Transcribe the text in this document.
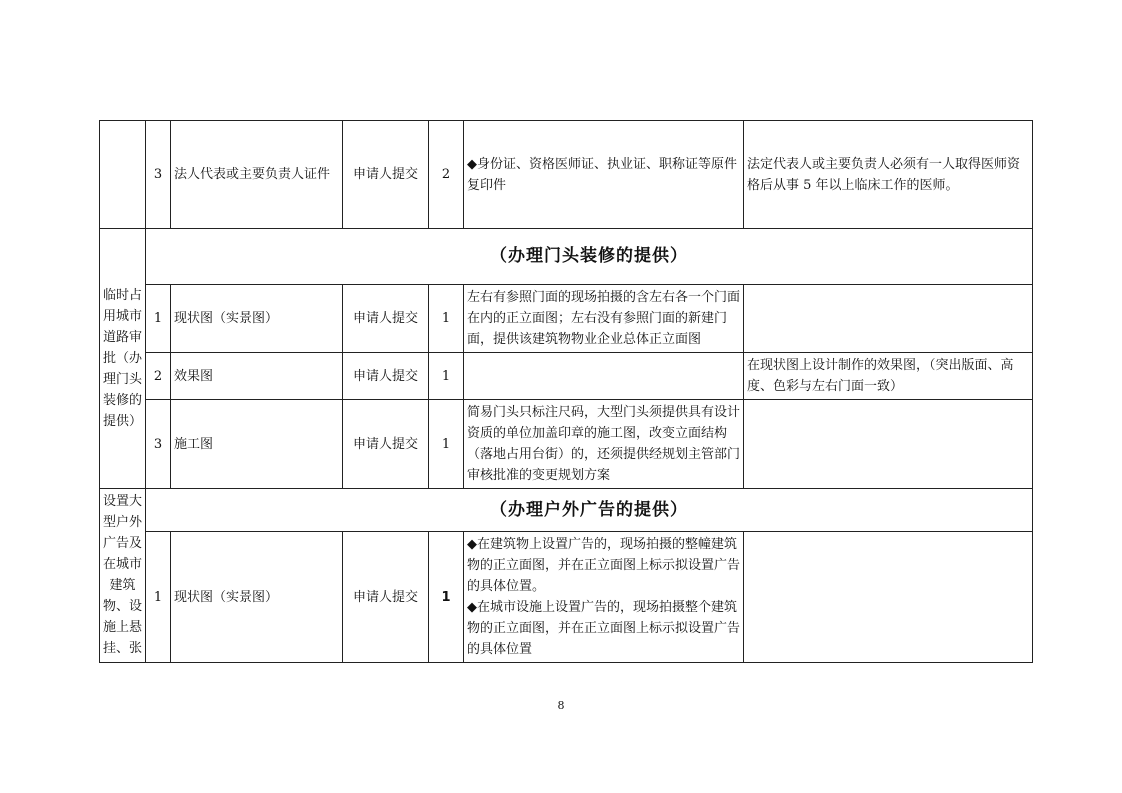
	3	法人代表或主要负责人证件	申请人提交	2	◆身份证、资格医师证、执业证、职称证等原件复印件	法定代表人或主要负责人必须有一人取得医师资格后从事 5 年以上临床工作的医师。
临时占用城市道路审批（办理门头装修的提供）	（办理门头装修的提供）					
	1	现状图（实景图）	申请人提交	1	左右有参照门面的现场拍摄的含左右各一个门面在内的正立面图；左右没有参照门面的新建门面，提供该建筑物物业企业总体正立面图	
	2	效果图	申请人提交	1		在现状图上设计制作的效果图，（突出版面、高度、色彩与左右门面一致）
	3	施工图	申请人提交	1	简易门头只标注尺码，大型门头须提供具有设计资质的单位加盖印章的施工图，改变立面结构（落地占用台街）的，还须提供经规划主管部门审核批准的变更规划方案	
设置大型户外广告及在城市建筑物、设施上悬挂、张	（办理户外广告的提供）					
	1	现状图（实景图）	申请人提交	1	◆在建筑物上设置广告的，现场拍摄的整幢建筑物的正立面图，并在正立面图上标示拟设置广告的具体位置。
◆在城市设施上设置广告的，现场拍摄整个建筑物的正立面图，并在正立面图上标示拟设置广告的具体位置	

8
